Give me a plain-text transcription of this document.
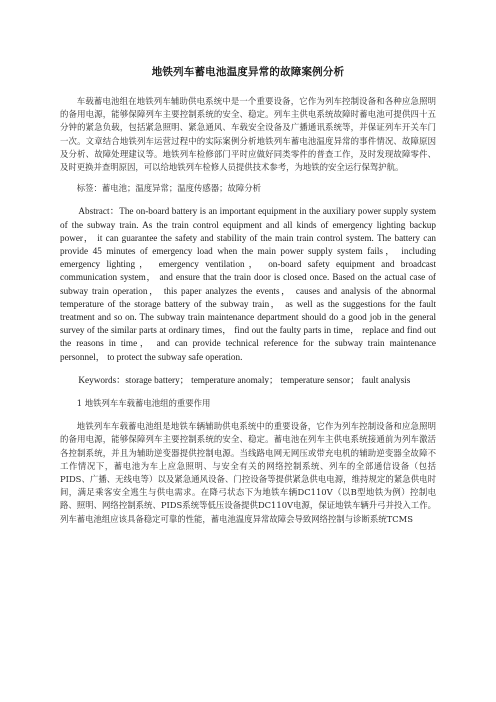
地铁列车蓄电池温度异常的故障案例分析

车载蓄电池组在地铁列车辅助供电系统中是一个重要设备，它作为列车控制设备和各种应急照明的备用电源，能够保障列车主要控制系统的安全、稳定。列车主供电系统故障时蓄电池可提供四十五分钟的紧急负载，包括紧急照明、紧急通风、车载安全设备及广播通讯系统等，并保证列车开关车门一次。文章结合地铁列车运营过程中的实际案例分析地铁列车蓄电池温度异常的事件情况、故障原因及分析、故障处理建议等。地铁列车检修部门平时应做好同类零件的普查工作，及时发现故障零件、及时更换并查明原因，可以给地铁列车检修人员提供技术参考，为地铁的安全运行保驾护航。

标签：蓄电池；温度异常；温度传感器；故障分析

Abstract：The on-board battery is an important equipment in the auxiliary power supply system of the subway train. As the train control equipment and all kinds of emergency lighting backup power， it can guarantee the safety and stability of the main train control system. The battery can provide 45 minutes of emergency load when the main power supply system fails， including emergency lighting， emergency ventilation， on-board safety equipment and broadcast communication system， and ensure that the train door is closed once. Based on the actual case of subway train operation， this paper analyzes the events， causes and analysis of the abnormal temperature of the storage battery of the subway train， as well as the suggestions for the fault treatment and so on. The subway train maintenance department should do a good job in the general survey of the similar parts at ordinary times， find out the faulty parts in time， replace and find out the reasons in time， and can provide technical reference for the subway train maintenance personnel， to protect the subway safe operation.

Keywords：storage battery； temperature anomaly； temperature sensor； fault analysis

1 地铁列车车载蓄电池组的重要作用

地铁列车车载蓄电池组是地铁车辆辅助供电系统中的重要设备，它作为列车控制设备和应急照明的备用电源，能够保障列车主要控制系统的安全、稳定。蓄电池在列车主供电系统接通前为列车激活各控制系统，并且为辅助逆变器提供控制电源。当线路电网无网压或带充电机的辅助逆变器全故障不工作情况下，蓄电池为车上应急照明、与安全有关的网络控制系统、列车的全部通信设备（包括PIDS、广播、无线电等）以及紧急通风设备、门控设备等提供紧急供电电源，维持规定的紧急供电时间，满足乘客安全逃生与供电需求。在降弓状态下为地铁车辆DC110V（以B型地铁为例）控制电路、照明、网络控制系统、PIDS系统等低压设备提供DC110V电源，保证地铁车辆升弓并投入工作。列车蓄电池组应该具备稳定可靠的性能，蓄电池温度异常故障会导致网络控制与诊断系统TCMS
